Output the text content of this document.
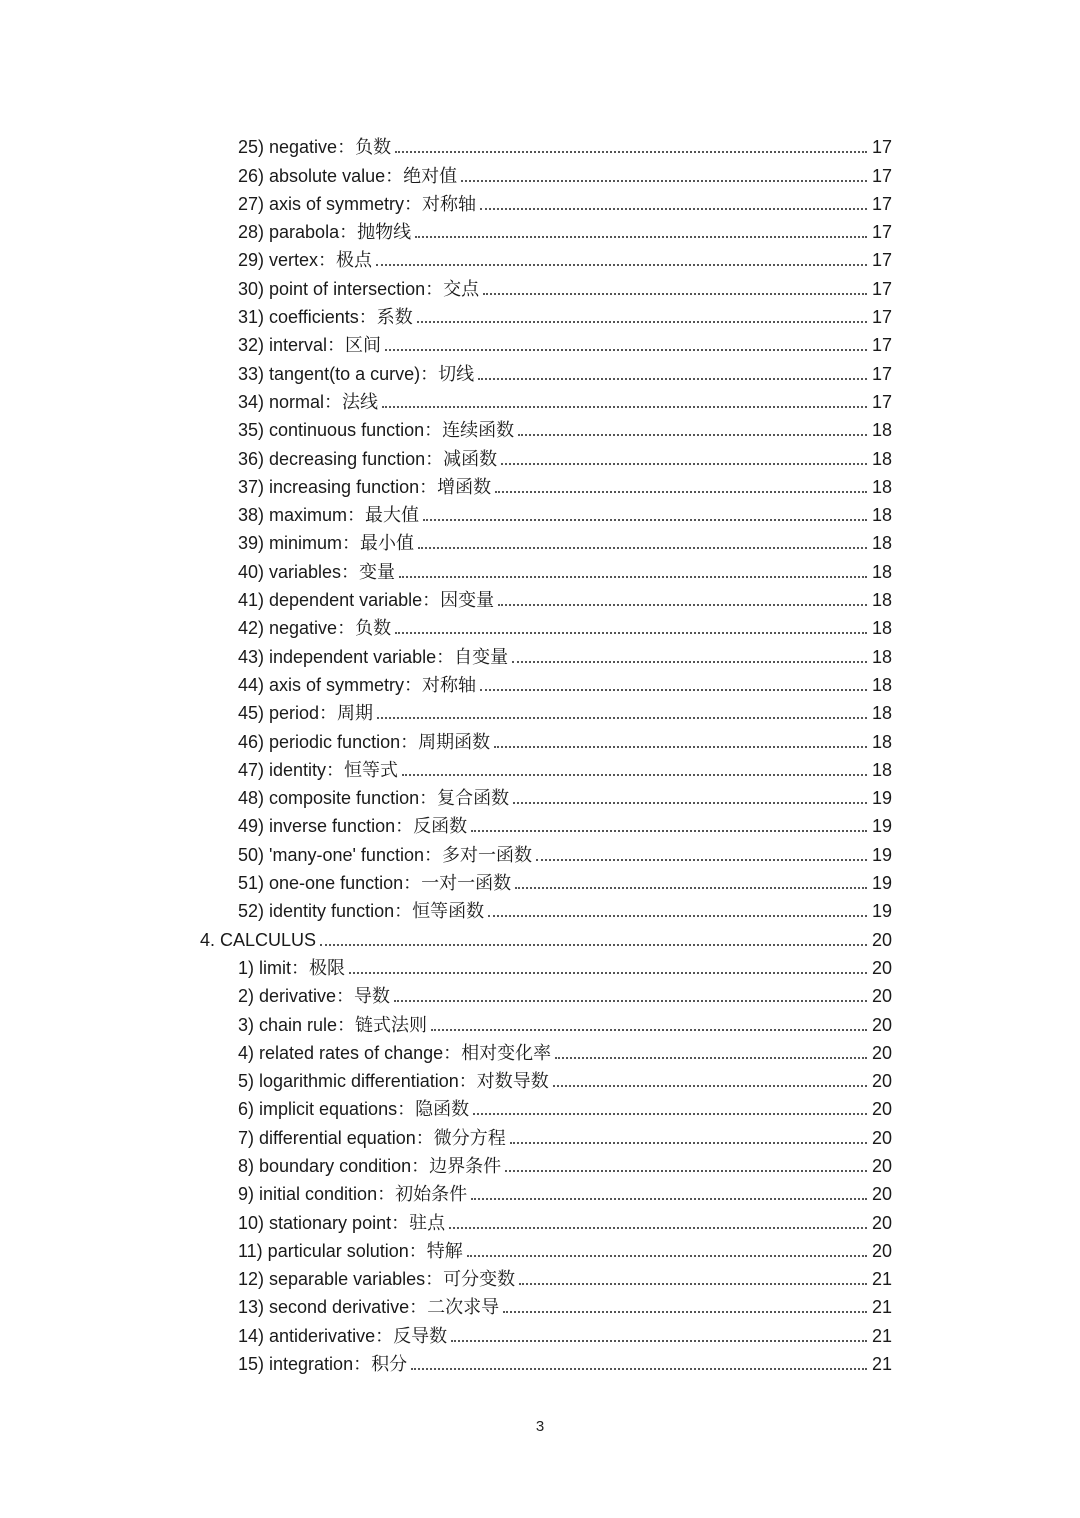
25) negative：负数	17
26) absolute value：绝对值	17
27) axis of symmetry：对称轴	17
28) parabola：抛物线	17
29) vertex：极点	17
30) point of intersection：交点	17
31) coefficients：系数	17
32) interval：区间	17
33) tangent(to a curve)：切线	17
34) normal：法线	17
35) continuous function：连续函数	18
36) decreasing function：减函数	18
37) increasing function：增函数	18
38) maximum：最大值	18
39) minimum：最小值	18
40) variables：变量	18
41) dependent variable：因变量	18
42) negative：负数	18
43) independent variable：自变量	18
44) axis of symmetry：对称轴	18
45) period：周期	18
46) periodic function：周期函数	18
47) identity：恒等式	18
48) composite function：复合函数	19
49) inverse function：反函数	19
50) 'many-one' function：多对一函数	19
51) one-one function：一对一函数	19
52) identity function：恒等函数	19
4. CALCULUS	20
1) limit：极限	20
2) derivative：导数	20
3) chain rule：链式法则	20
4) related rates of change：相对变化率	20
5) logarithmic differentiation：对数导数	20
6) implicit equations：隐函数	20
7) differential equation：微分方程	20
8) boundary condition：边界条件	20
9) initial condition：初始条件	20
10) stationary point：驻点	20
11) particular solution：特解	20
12) separable variables：可分变数	21
13) second derivative：二次求导	21
14) antiderivative：反导数	21
15) integration：积分	21
3
